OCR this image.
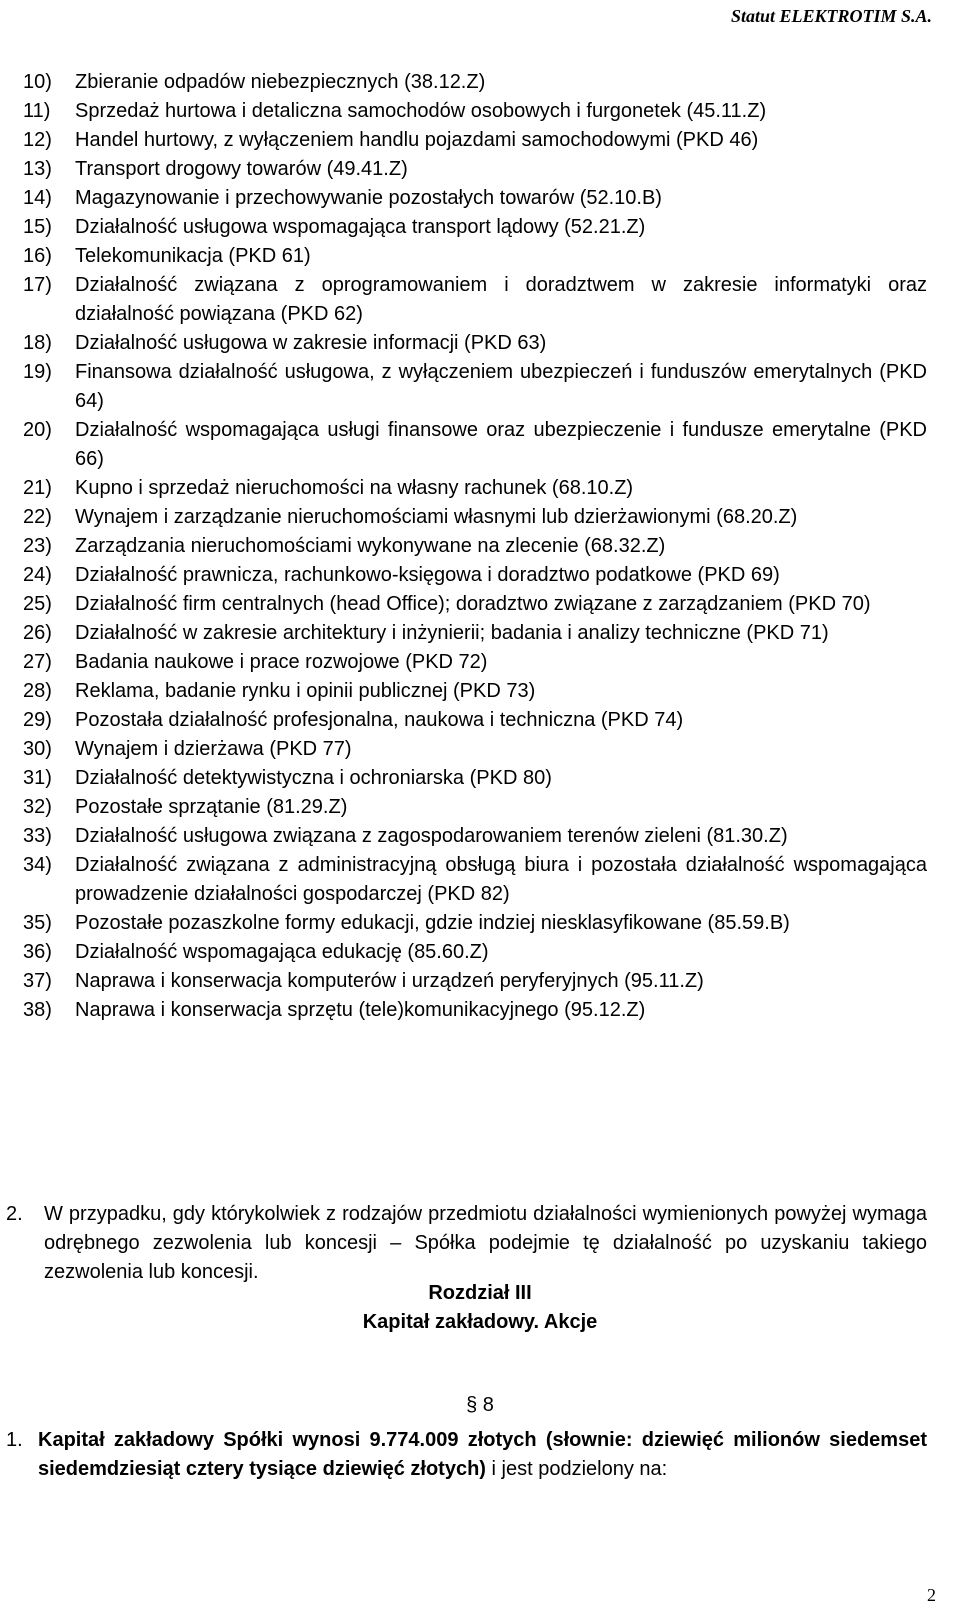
Statut ELEKTROTIM S.A.
10)	Zbieranie odpadów niebezpiecznych (38.12.Z)
11)	Sprzedaż hurtowa i detaliczna samochodów osobowych i furgonetek (45.11.Z)
12)	Handel hurtowy, z wyłączeniem handlu pojazdami samochodowymi (PKD 46)
13)	Transport drogowy towarów (49.41.Z)
14)	Magazynowanie i przechowywanie pozostałych towarów (52.10.B)
15)	Działalność usługowa wspomagająca transport lądowy (52.21.Z)
16)	Telekomunikacja (PKD 61)
17)	Działalność związana z oprogramowaniem i doradztwem w zakresie informatyki oraz działalność powiązana (PKD 62)
18)	Działalność usługowa w zakresie informacji (PKD 63)
19)	Finansowa działalność usługowa, z wyłączeniem ubezpieczeń i funduszów emerytalnych (PKD 64)
20)	Działalność wspomagająca usługi finansowe oraz ubezpieczenie i fundusze emerytalne (PKD 66)
21)	Kupno i sprzedaż nieruchomości na własny rachunek (68.10.Z)
22)	Wynajem i zarządzanie nieruchomościami własnymi lub dzierżawionymi (68.20.Z)
23)	Zarządzania nieruchomościami wykonywane na zlecenie (68.32.Z)
24)	Działalność prawnicza, rachunkowo-księgowa i doradztwo podatkowe (PKD 69)
25)	Działalność firm centralnych (head Office); doradztwo związane z zarządzaniem (PKD 70)
26)	Działalność w zakresie architektury i inżynierii; badania i analizy techniczne (PKD 71)
27)	Badania naukowe i prace rozwojowe (PKD 72)
28)	Reklama, badanie rynku i opinii publicznej (PKD 73)
29)	Pozostała działalność profesjonalna, naukowa i techniczna (PKD 74)
30)	Wynajem i dzierżawa (PKD 77)
31)	Działalność detektywistyczna i ochroniarska (PKD 80)
32)	Pozostałe sprzątanie (81.29.Z)
33)	Działalność usługowa związana z zagospodarowaniem terenów zieleni (81.30.Z)
34)	Działalność związana z administracyjną obsługą biura i pozostała działalność wspomagająca prowadzenie działalności gospodarczej (PKD 82)
35)	Pozostałe pozaszkolne formy edukacji, gdzie indziej niesklasyfikowane (85.59.B)
36)	Działalność wspomagająca edukację (85.60.Z)
37)	Naprawa i konserwacja komputerów i urządzeń peryferyjnych (95.11.Z)
38)	Naprawa i konserwacja sprzętu (tele)komunikacyjnego (95.12.Z)
2.	W przypadku, gdy którykolwiek z rodzajów przedmiotu działalności wymienionych powyżej wymaga odrębnego zezwolenia lub koncesji – Spółka podejmie tę działalność po uzyskaniu takiego zezwolenia lub koncesji.
Rozdział III
Kapitał zakładowy. Akcje
§ 8
1. Kapitał zakładowy Spółki wynosi 9.774.009 złotych (słownie: dziewięć milionów siedemset siedemdziesiąt cztery tysiące dziewięć złotych) i jest podzielony na:
2
